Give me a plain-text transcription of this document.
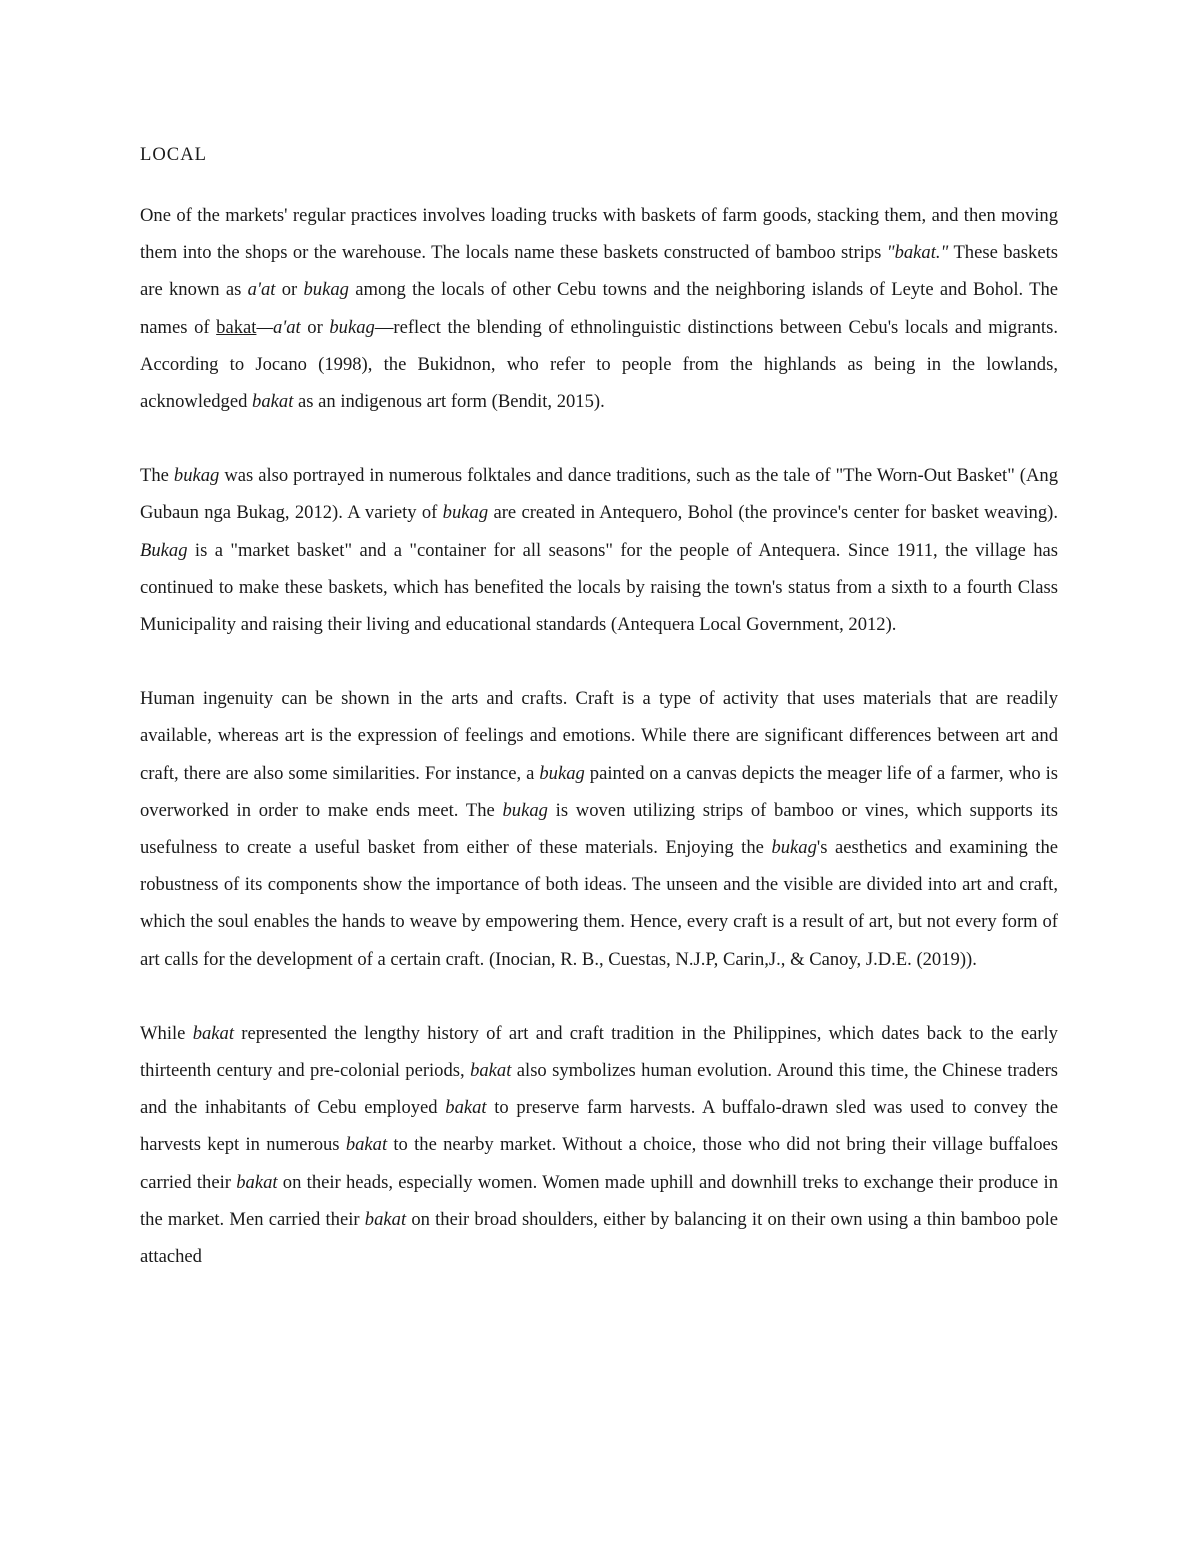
LOCAL

One of the markets' regular practices involves loading trucks with baskets of farm goods, stacking them, and then moving them into the shops or the warehouse. The locals name these baskets constructed of bamboo strips "bakat." These baskets are known as a'at or bukag among the locals of other Cebu towns and the neighboring islands of Leyte and Bohol. The names of bakat—a'at or bukag—reflect the blending of ethnolinguistic distinctions between Cebu's locals and migrants. According to Jocano (1998), the Bukidnon, who refer to people from the highlands as being in the lowlands, acknowledged bakat as an indigenous art form (Bendit, 2015).

The bukag was also portrayed in numerous folktales and dance traditions, such as the tale of "The Worn-Out Basket" (Ang Gubaun nga Bukag, 2012). A variety of bukag are created in Antequero, Bohol (the province's center for basket weaving). Bukag is a "market basket" and a "container for all seasons" for the people of Antequera. Since 1911, the village has continued to make these baskets, which has benefited the locals by raising the town's status from a sixth to a fourth Class Municipality and raising their living and educational standards (Antequera Local Government, 2012).

Human ingenuity can be shown in the arts and crafts. Craft is a type of activity that uses materials that are readily available, whereas art is the expression of feelings and emotions. While there are significant differences between art and craft, there are also some similarities. For instance, a bukag painted on a canvas depicts the meager life of a farmer, who is overworked in order to make ends meet. The bukag is woven utilizing strips of bamboo or vines, which supports its usefulness to create a useful basket from either of these materials. Enjoying the bukag's aesthetics and examining the robustness of its components show the importance of both ideas. The unseen and the visible are divided into art and craft, which the soul enables the hands to weave by empowering them. Hence, every craft is a result of art, but not every form of art calls for the development of a certain craft. (Inocian, R. B., Cuestas, N.J.P, Carin,J., & Canoy, J.D.E. (2019)).

While bakat represented the lengthy history of art and craft tradition in the Philippines, which dates back to the early thirteenth century and pre-colonial periods, bakat also symbolizes human evolution. Around this time, the Chinese traders and the inhabitants of Cebu employed bakat to preserve farm harvests. A buffalo-drawn sled was used to convey the harvests kept in numerous bakat to the nearby market. Without a choice, those who did not bring their village buffaloes carried their bakat on their heads, especially women. Women made uphill and downhill treks to exchange their produce in the market. Men carried their bakat on their broad shoulders, either by balancing it on their own using a thin bamboo pole attached
